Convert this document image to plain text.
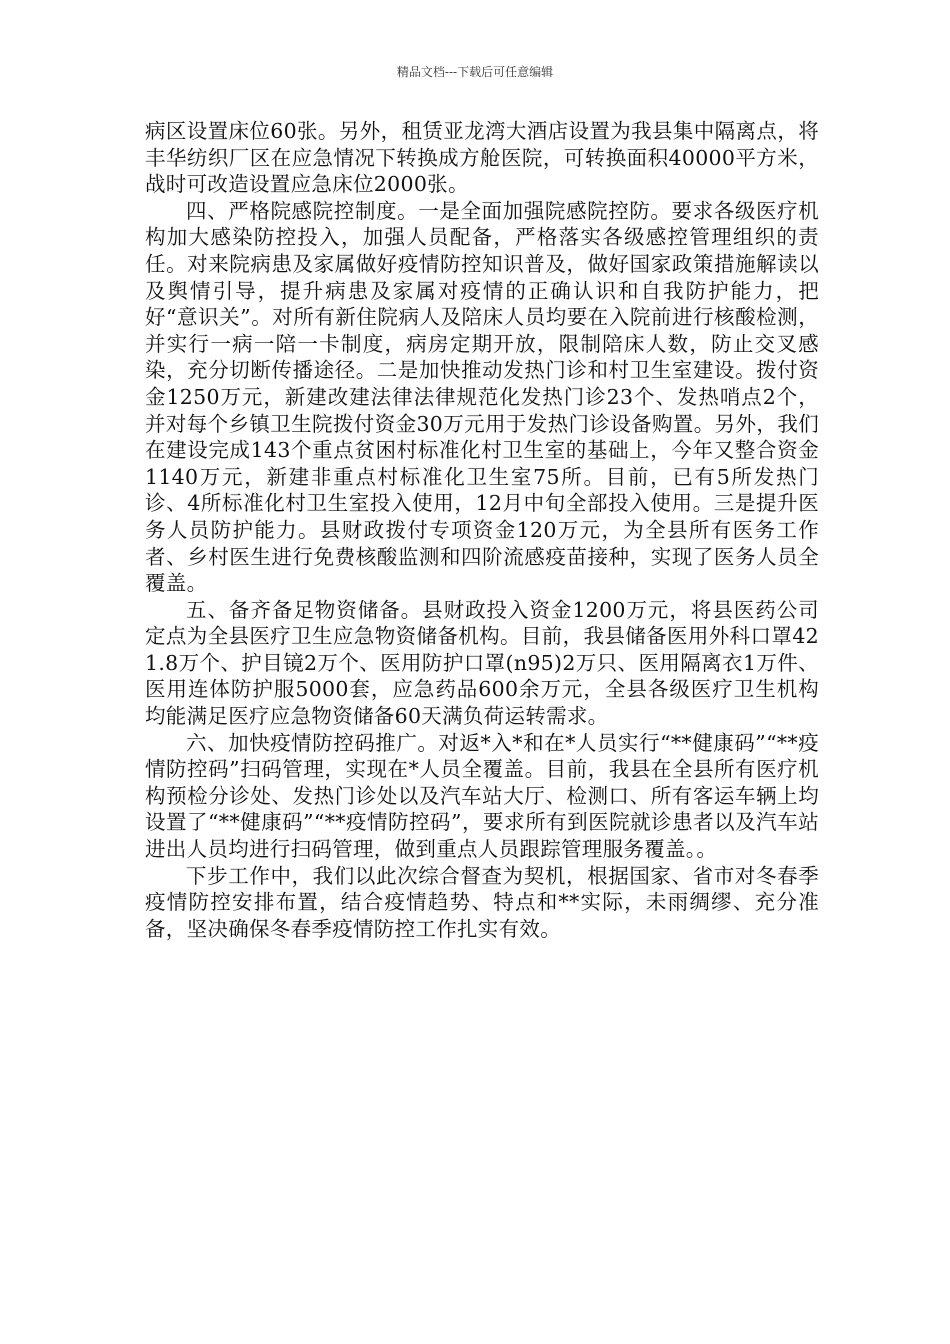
精品文档---下载后可任意编辑

病区设置床位60张。另外，租赁亚龙湾大酒店设置为我县集中隔离点，将丰华纺织厂区在应急情况下转换成方舱医院，可转换面积40000平方米，战时可改造设置应急床位2000张。

四、严格院感院控制度。一是全面加强院感院控防。要求各级医疗机构加大感染防控投入，加强人员配备，严格落实各级感控管理组织的责任。对来院病患及家属做好疫情防控知识普及，做好国家政策措施解读以及舆情引导，提升病患及家属对疫情的正确认识和自我防护能力，把好“意识关”。对所有新住院病人及陪床人员均要在入院前进行核酸检测，并实行一病一陪一卡制度，病房定期开放，限制陪床人数，防止交叉感染，充分切断传播途径。二是加快推动发热门诊和村卫生室建设。拨付资金1250万元，新建改建法律法律规范化发热门诊23个、发热哨点2个，并对每个乡镇卫生院拨付资金30万元用于发热门诊设备购置。另外，我们在建设完成143个重点贫困村标准化村卫生室的基础上，今年又整合资金1140万元，新建非重点村标准化卫生室75所。目前，已有5所发热门诊、4所标准化村卫生室投入使用，12月中旬全部投入使用。三是提升医务人员防护能力。县财政拨付专项资金120万元，为全县所有医务工作者、乡村医生进行免费核酸监测和四阶流感疫苗接种，实现了医务人员全覆盖。

五、备齐备足物资储备。县财政投入资金1200万元，将县医药公司定点为全县医疗卫生应急物资储备机构。目前，我县储备医用外科口罩421.8万个、护目镜2万个、医用防护口罩(n95)2万只、医用隔离衣1万件、医用连体防护服5000套，应急药品600余万元，全县各级医疗卫生机构均能满足医疗应急物资储备60天满负荷运转需求。

六、加快疫情防控码推广。对返*入*和在*人员实行“**健康码”“**疫情防控码”扫码管理，实现在*人员全覆盖。目前，我县在全县所有医疗机构预检分诊处、发热门诊处以及汽车站大厅、检测口、所有客运车辆上均设置了“**健康码”“**疫情防控码”，要求所有到医院就诊患者以及汽车站进出人员均进行扫码管理，做到重点人员跟踪管理服务覆盖。。

下步工作中，我们以此次综合督查为契机，根据国家、省市对冬春季疫情防控安排布置，结合疫情趋势、特点和**实际，未雨绸缪、充分准备，坚决确保冬春季疫情防控工作扎实有效。
